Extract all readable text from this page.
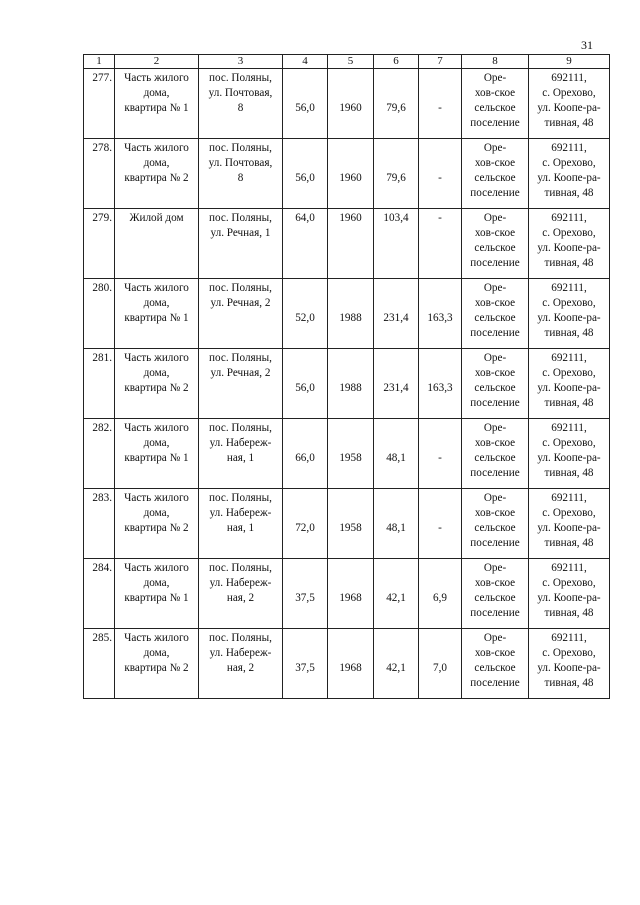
31
1	2	3	4	5	6	7	8	9

277.	Часть жилого
дома,
квартира № 1	пос. Поляны,
ул. Почтовая,
8	56,0	1960	79,6	-	Оре-
хов-ское
сельское
поселение	692111,
с. Орехово,
ул. Коопе-ра-
тивная, 48

278.	Часть жилого
дома,
квартира № 2	пос. Поляны,
ул. Почтовая,
8	56,0	1960	79,6	-	Оре-
хов-ское
сельское
поселение	692111,
с. Орехово,
ул. Коопе-ра-
тивная, 48

279.	Жилой дом	пос. Поляны,
ул. Речная, 1	64,0	1960	103,4	-	Оре-
хов-ское
сельское
поселение	692111,
с. Орехово,
ул. Коопе-ра-
тивная, 48

280.	Часть жилого
дома,
квартира № 1	пос. Поляны,
ул. Речная, 2	52,0	1988	231,4	163,3	Оре-
хов-ское
сельское
поселение	692111,
с. Орехово,
ул. Коопе-ра-
тивная, 48

281.	Часть жилого
дома,
квартира № 2	пос. Поляны,
ул. Речная, 2	56,0	1988	231,4	163,3	Оре-
хов-ское
сельское
поселение	692111,
с. Орехово,
ул. Коопе-ра-
тивная, 48

282.	Часть жилого
дома,
квартира № 1	пос. Поляны,
ул. Набереж-
ная, 1	66,0	1958	48,1	-	Оре-
хов-ское
сельское
поселение	692111,
с. Орехово,
ул. Коопе-ра-
тивная, 48

283.	Часть жилого
дома,
квартира № 2	пос. Поляны,
ул. Набереж-
ная, 1	72,0	1958	48,1	-	Оре-
хов-ское
сельское
поселение	692111,
с. Орехово,
ул. Коопе-ра-
тивная, 48

284.	Часть жилого
дома,
квартира № 1	пос. Поляны,
ул. Набереж-
ная, 2	37,5	1968	42,1	6,9	Оре-
хов-ское
сельское
поселение	692111,
с. Орехово,
ул. Коопе-ра-
тивная, 48

285.	Часть жилого
дома,
квартира № 2	пос. Поляны,
ул. Набереж-
ная, 2	37,5	1968	42,1	7,0	Оре-
хов-ское
сельское
поселение	692111,
с. Орехово,
ул. Коопе-ра-
тивная, 48
